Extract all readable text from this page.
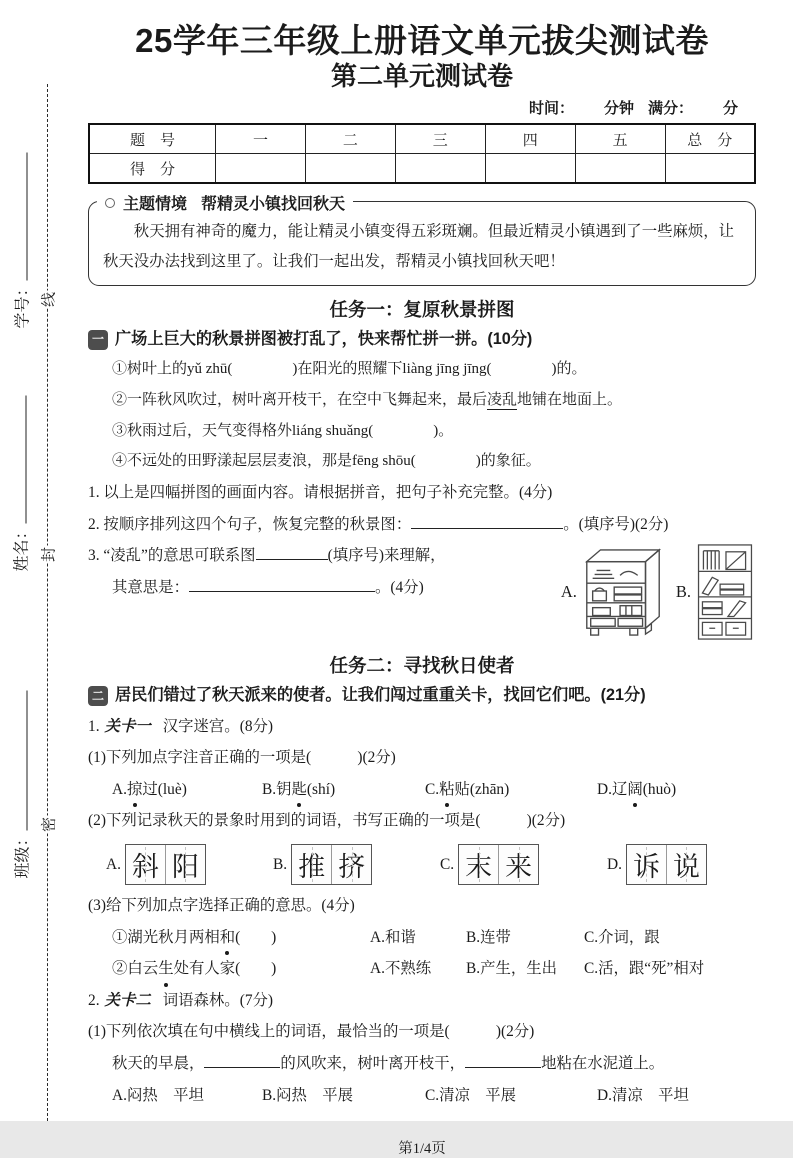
学号：
姓名：
班级：
线
封
密
25学年三年级上册语文单元拔尖测试卷
第二单元测试卷
时间： 分钟 满分： 分
题　号	一	二	三	四	五	总　分
得　分						
主题情境 帮精灵小镇找回秋天
秋天拥有神奇的魔力，能让精灵小镇变得五彩斑斓。但最近精灵小镇遇到了一些麻烦，让秋天没办法找到这里了。让我们一起出发，帮精灵小镇找回秋天吧！
任务一：复原秋景拼图
一 广场上巨大的秋景拼图被打乱了，快来帮忙拼一拼。(10分)
①树叶上的yǔ zhū(　　　　)在阳光的照耀下liàng jīng jīng(　　　　)的。
②一阵秋风吹过，树叶离开枝干，在空中飞舞起来，最后凌乱地铺在地面上。
③秋雨过后，天气变得格外liáng shuǎng(　　　　)。
④不远处的田野漾起层层麦浪，那是fēng shōu(　　　　)的象征。
1. 以上是四幅拼图的画面内容。请根据拼音，把句子补充完整。(4分)
2. 按顺序排列这四个句子，恢复完整的秋景图：	。(填序号)(2分)
3. “凌乱”的意思可联系图	(填序号)来理解，
其意思是：	。(4分)	A.	B.
任务二：寻找秋日使者
二 居民们错过了秋天派来的使者。让我们闯过重重关卡，找回它们吧。(21分)
1. 关卡一 汉字迷宫。(8分)
(1)下列加点字注音正确的一项是(　　　)(2分)
A.掠过(luè)	B.钥匙(shí)	C.粘贴(zhān)	D.辽阔(huò)
(2)下列记录秋天的景象时用到的词语，书写正确的一项是(　　　)(2分)
A. 斜 阳	B. 推 挤	C. 末 来	D. 诉 说
(3)给下列加点字选择正确的意思。(4分)
①湖光秋月两相和(　　)	A.和谐	B.连带	C.介词，跟
②白云生处有人家(　　)	A.不熟练	B.产生，生出	C.活，跟“死”相对
2. 关卡二 词语森林。(7分)
(1)下列依次填在句中横线上的词语，最恰当的一项是(　　　)(2分)
秋天的早晨，	的风吹来，树叶离开枝干，	地粘在水泥道上。
A.闷热　平坦	B.闷热　平展	C.清凉　平展	D.清凉　平坦
第1/4页
